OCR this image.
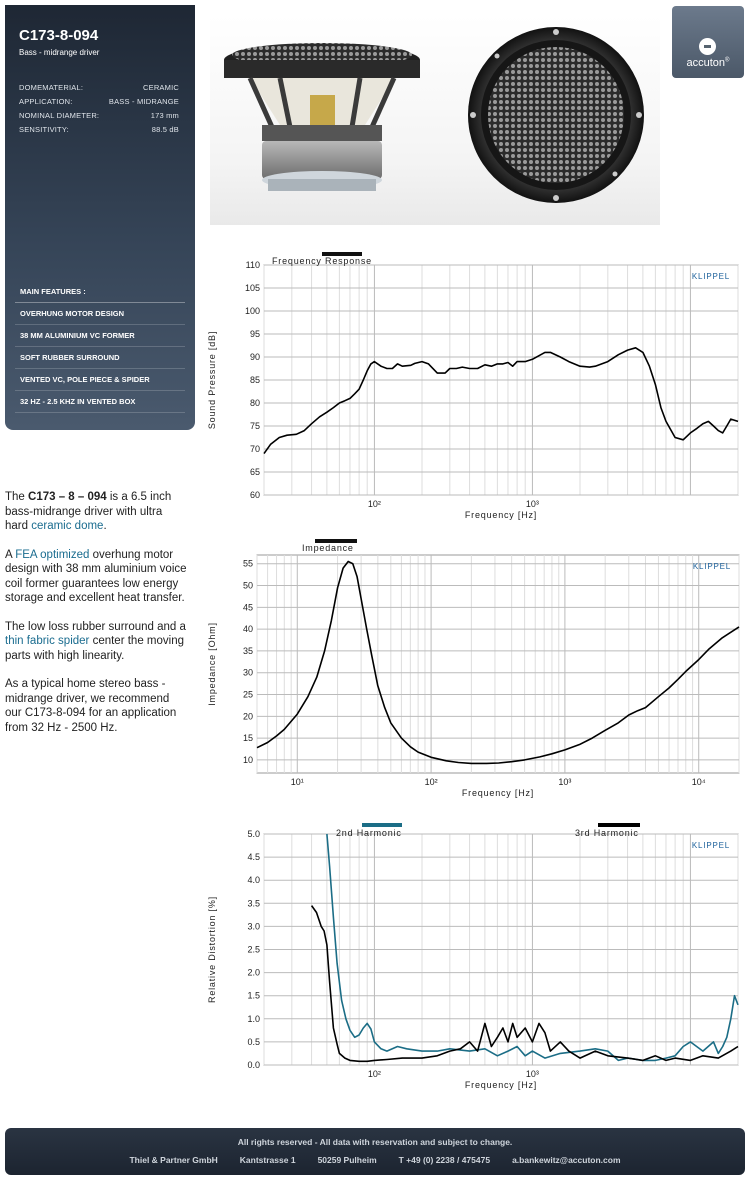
C173-8-094
Bass - midrange driver
DOMEMATERIAL:	CERAMIC
APPLICATION:	BASS - MIDRANGE
NOMINAL DIAMETER:	173 mm
SENSITIVITY:	88.5 dB
MAIN FEATURES :
OVERHUNG MOTOR DESIGN
38 MM ALUMINIUM VC FORMER
SOFT RUBBER SURROUND
VENTED VC, POLE PIECE & SPIDER
32 HZ - 2.5 KHZ IN VENTED BOX
accuton®

The C173 – 8 – 094 is a 6.5 inch bass-midrange driver with ultra hard ceramic dome.

A FEA optimized overhung motor design with 38 mm aluminium voice coil former guarantees low energy storage and excellent heat transfer.

The low loss rubber surround and a thin fabric spider center the moving parts with high linearity.

As a typical home stereo bass - midrange driver, we recommend our C173-8-094 for an application from 32 Hz - 2500 Hz.

60
65
70
75
80
85
90
95
100
105
110
10²	10³
Frequency [Hz]
Sound Pressure [dB]
KLIPPEL
Frequency Response
10
15
20
25
30
35
40
45
50
55
10¹	10²	10³	10⁴
Frequency [Hz]
Impedance [Ohm]
KLIPPEL
Impedance
0.0
0.5
1.0
1.5
2.0
2.5
3.0
3.5
4.0
4.5
5.0
10²	10³
Frequency [Hz]
Relative Distortion [%]
KLIPPEL
2nd Harmonic	3rd Harmonic
All rights reserved - All data with reservation and subject to change.
Thiel & Partner GmbH	Kantstrasse 1	50259 Pulheim	T +49 (0) 2238 / 475475	a.bankewitz@accuton.com
